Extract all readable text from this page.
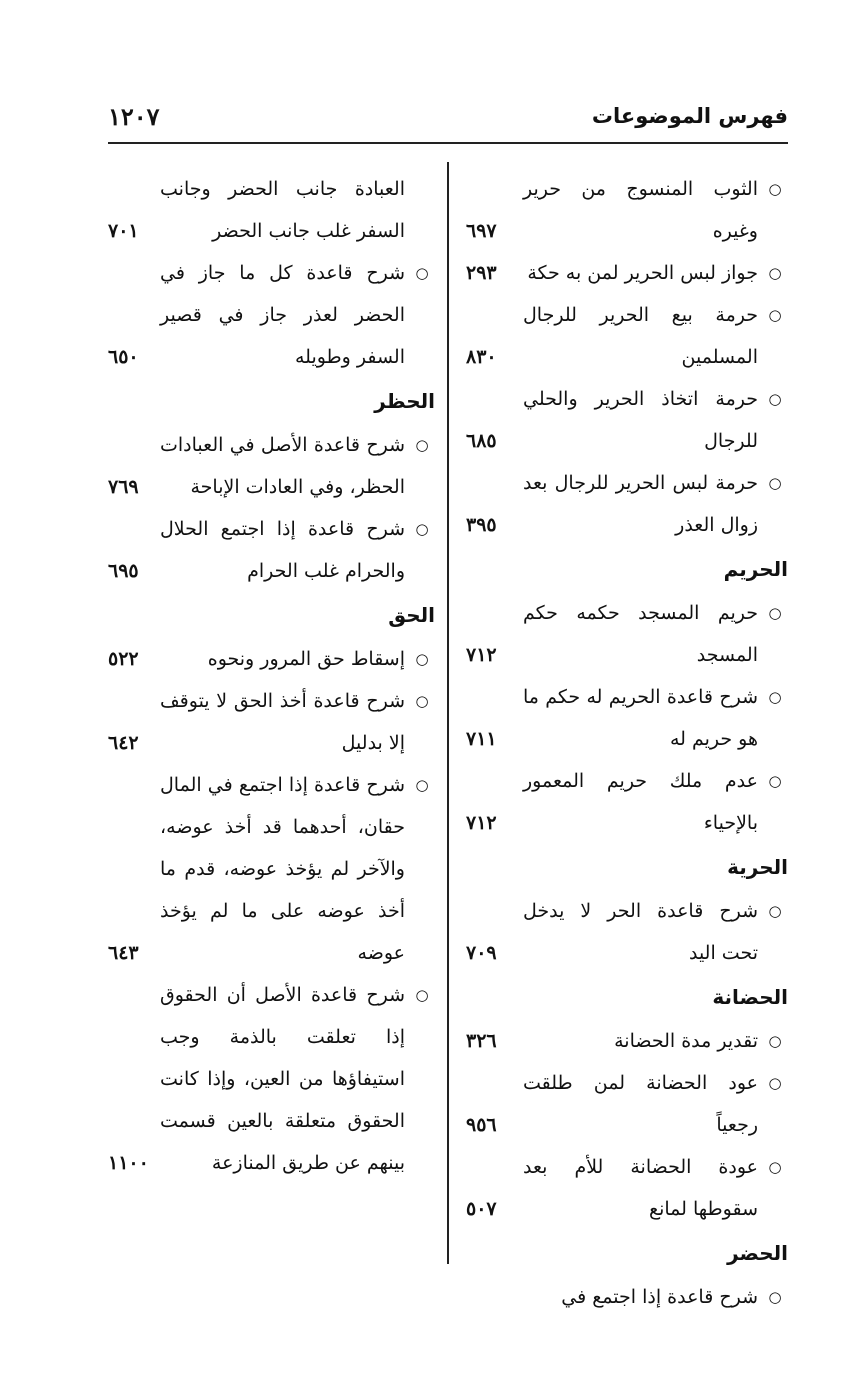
فهرس الموضوعات
١٢٠٧
○
الثوب المنسوج من حرير وغيره
٦٩٧
○
جواز لبس الحرير لمن به حكة
٢٩٣
○
حرمة بيع الحرير للرجال المسلمين
٨٣٠
○
حرمة اتخاذ الحرير والحلي للرجال
٦٨٥
○
حرمة لبس الحرير للرجال بعد زوال العذر
٣٩٥
الحريم
○
حريم المسجد حكمه حكم المسجد
٧١٢
○
شرح قاعدة الحريم له حكم ما هو حريم له
٧١١
○
عدم ملك حريم المعمور بالإحياء
٧١٢
الحرية
○
شرح قاعدة الحر لا يدخل تحت اليد
٧٠٩
الحضانة
○
تقدير مدة الحضانة
٣٢٦
○
عود الحضانة لمن طلقت رجعياً
٩٥٦
○
عودة الحضانة للأم بعد سقوطها لمانع
٥٠٧
الحضر
○
شرح قاعدة إذا اجتمع في
العبادة جانب الحضر وجانب السفر غلب جانب الحضر
٧٠١
○
شرح قاعدة كل ما جاز في الحضر لعذر جاز في قصير السفر وطويله
٦٥٠
الحظر
○
شرح قاعدة الأصل في العبادات الحظر، وفي العادات الإباحة
٧٦٩
○
شرح قاعدة إذا اجتمع الحلال والحرام غلب الحرام
٦٩٥
الحق
○
إسقاط حق المرور ونحوه
٥٢٢
○
شرح قاعدة أخذ الحق لا يتوقف إلا بدليل
٦٤٢
○
شرح قاعدة إذا اجتمع في المال حقان، أحدهما قد أخذ عوضه، والآخر لم يؤخذ عوضه، قدم ما أخذ عوضه على ما لم يؤخذ عوضه
٦٤٣
○
شرح قاعدة الأصل أن الحقوق إذا تعلقت بالذمة وجب استيفاؤها من العين، وإذا كانت الحقوق متعلقة بالعين قسمت بينهم عن طريق المنازعة
١١٠٠
